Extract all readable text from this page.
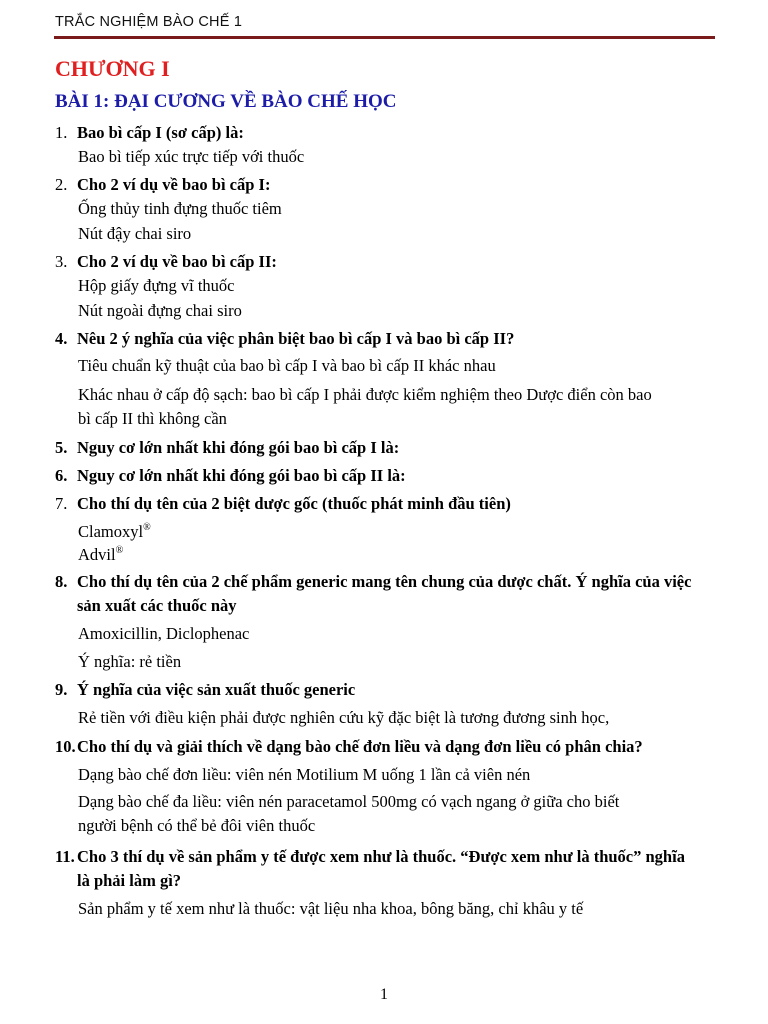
TRẮC NGHIỆM BÀO CHẾ 1
CHƯƠNG I
BÀI 1: ĐẠI CƯƠNG VỀ BÀO CHẾ HỌC
1. Bao bì cấp I (sơ cấp) là:
Bao bì tiếp xúc trực tiếp với thuốc
2. Cho 2 ví dụ về bao bì cấp I:
Ống thủy tinh đựng thuốc tiêm
Nút đậy chai siro
3. Cho 2 ví dụ về bao bì cấp II:
Hộp giấy đựng vĩ thuốc
Nút ngoài đựng chai siro
4. Nêu 2 ý nghĩa của việc phân biệt bao bì cấp I và bao bì cấp II?
Tiêu chuẩn kỹ thuật của bao bì cấp I và bao bì cấp II khác nhau
Khác nhau ở cấp độ sạch: bao bì cấp I phải được kiểm nghiệm theo Dược điển còn bao
bì cấp II thì không cần
5. Nguy cơ lớn nhất khi đóng gói bao bì cấp I là:
6. Nguy cơ lớn nhất khi đóng gói bao bì cấp II là:
7. Cho thí dụ tên của 2 biệt dược gốc (thuốc phát minh đầu tiên)
Clamoxyl®
Advil®
8. Cho thí dụ tên của 2 chế phẩm generic mang tên chung của dược chất. Ý nghĩa của việc
sản xuất các thuốc này
Amoxicillin, Diclophenac
Ý nghĩa: rẻ tiền
9. Ý nghĩa của việc sản xuất thuốc generic
Rẻ tiền với điều kiện phải được nghiên cứu kỹ đặc biệt là tương đương sinh học,
10. Cho thí dụ và giải thích về dạng bào chế đơn liều và dạng đơn liều có phân chia?
Dạng bào chế đơn liều: viên nén Motilium M uống 1 lần cả viên nén
Dạng bào chế đa liều: viên nén paracetamol 500mg có vạch ngang ở giữa cho biết
người bệnh có thể bẻ đôi viên thuốc
11. Cho 3 thí dụ về sản phẩm y tế được xem như là thuốc. “Được xem như là thuốc” nghĩa
là phải làm gì?
Sản phẩm y tế xem như là thuốc: vật liệu nha khoa, bông băng, chỉ khâu y tế
1
